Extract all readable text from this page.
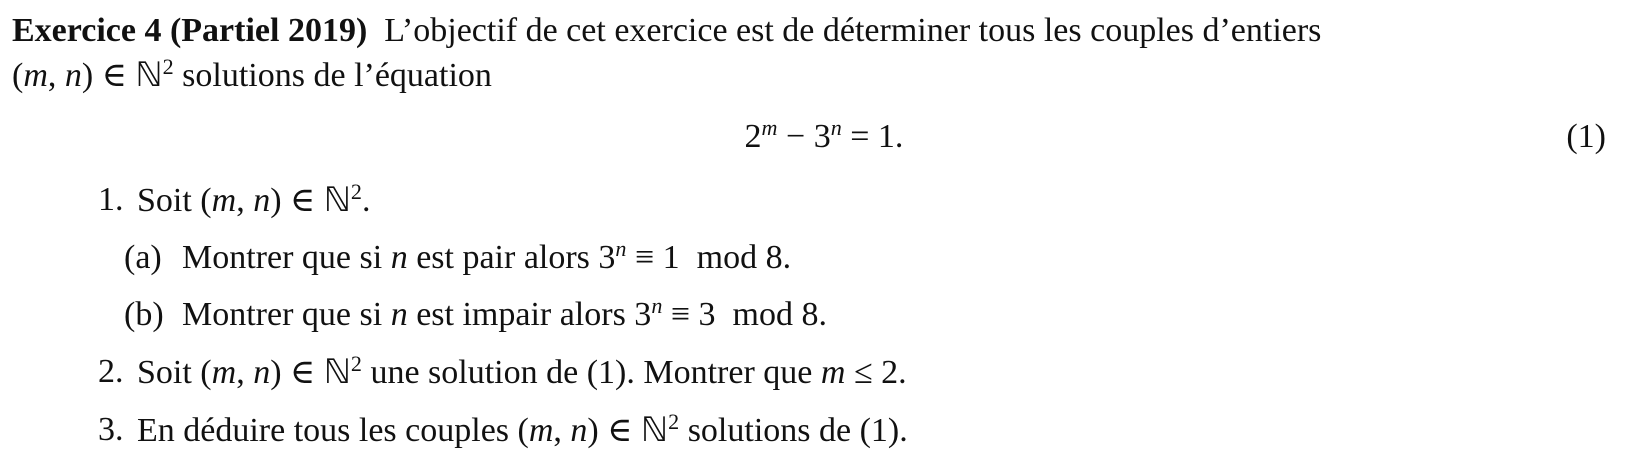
Exercice 4 (Partiel 2019) L’objectif de cet exercice est de déterminer tous les couples d’entiers
(m, n) ∈ ℕ$^2$ solutions de l’équation

$2^m - 3^n = 1$.	(1)
1. Soit (m, n) ∈ ℕ$^2$.
(a) Montrer que si n est pair alors $3^n \equiv 1$ mod 8.
(b) Montrer que si n est impair alors $3^n \equiv 3$ mod 8.
2. Soit (m, n) ∈ ℕ$^2$ une solution de (1). Montrer que m ≤ 2.
3. En déduire tous les couples (m, n) ∈ ℕ$^2$ solutions de (1).
